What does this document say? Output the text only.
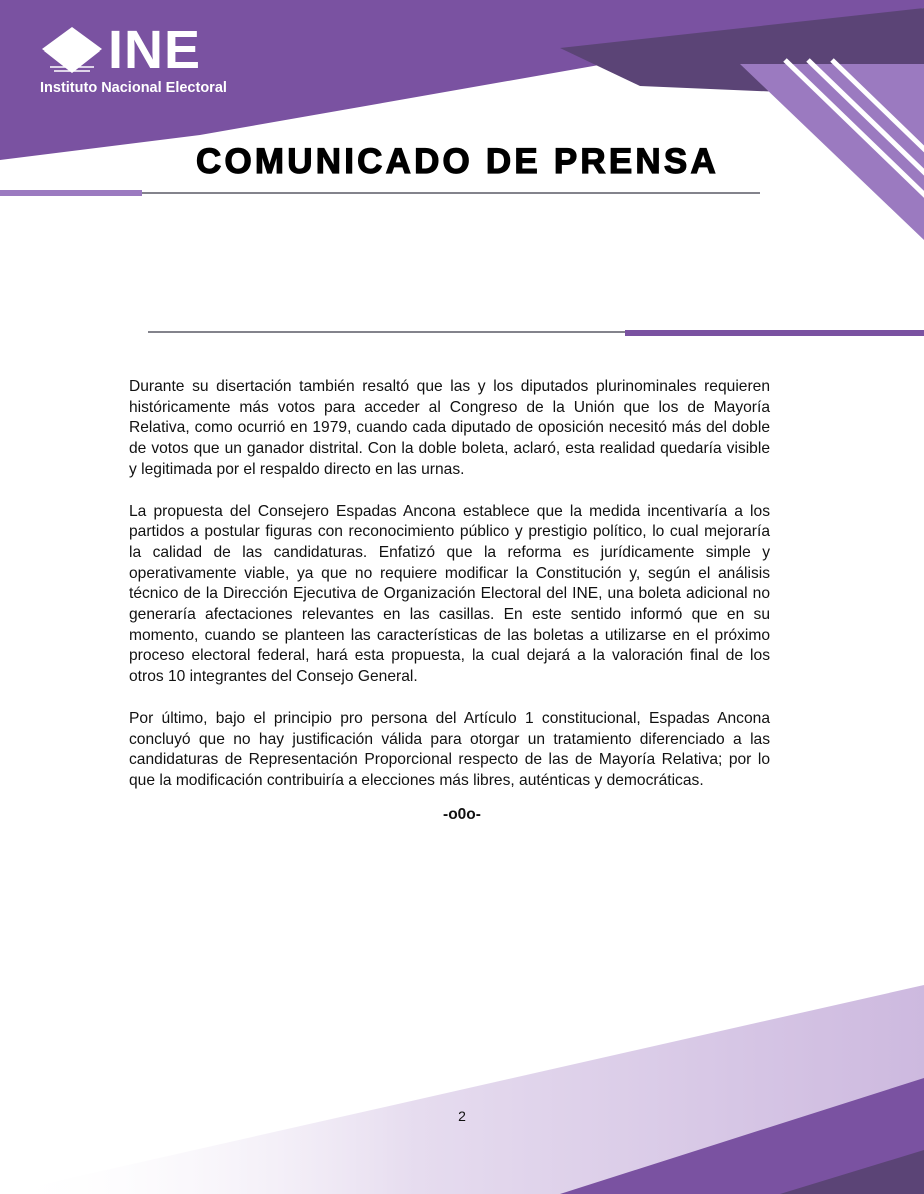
INE
Instituto Nacional Electoral
COMUNICADO DE PRENSA

Durante su disertación también resaltó que las y los diputados plurinominales requieren históricamente más votos para acceder al Congreso de la Unión que los de Mayoría Relativa, como ocurrió en 1979, cuando cada diputado de oposición necesitó más del doble de votos que un ganador distrital. Con la doble boleta, aclaró, esta realidad quedaría visible y legitimada por el respaldo directo en las urnas.

La propuesta del Consejero Espadas Ancona establece que la medida incentivaría a los partidos a postular figuras con reconocimiento público y prestigio político, lo cual mejoraría la calidad de las candidaturas. Enfatizó que la reforma es jurídicamente simple y operativamente viable, ya que no requiere modificar la Constitución y, según el análisis técnico de la Dirección Ejecutiva de Organización Electoral del INE, una boleta adicional no generaría afectaciones relevantes en las casillas. En este sentido informó que en su momento, cuando se planteen las características de las boletas a utilizarse en el próximo proceso electoral federal, hará esta propuesta, la cual dejará a la valoración final de los otros 10 integrantes del Consejo General.

Por último, bajo el principio pro persona del Artículo 1 constitucional, Espadas Ancona concluyó que no hay justificación válida para otorgar un tratamiento diferenciado a las candidaturas de Representación Proporcional respecto de las de Mayoría Relativa; por lo que la modificación contribuiría a elecciones más libres, auténticas y democráticas.

-o0o-
2
